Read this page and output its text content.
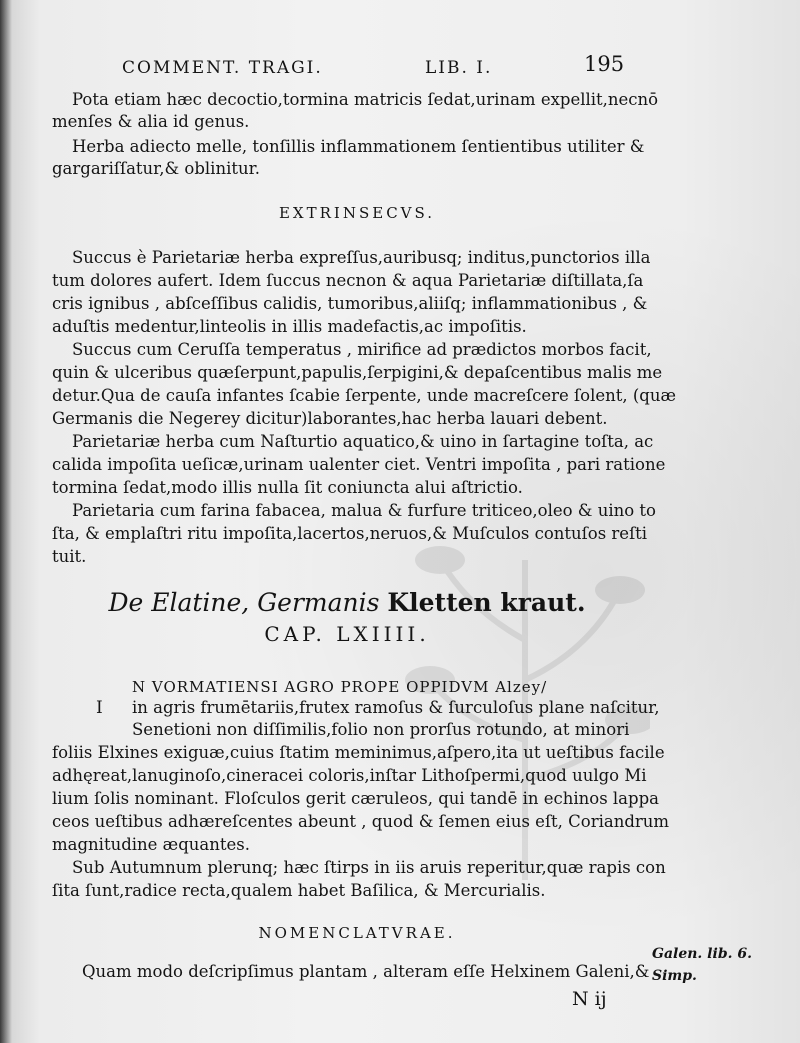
COMMENT. TRAGI.	LIB. I.	195
Pota etiam hæc decoctio,tormina matricis ſedat,urinam expellit,necnō
menſes & alia id genus.
Herba adiecto melle, tonſillis inflammationem ſentientibus utiliter &
gargariſſatur,& oblinitur.
EXTRINSECVS.
Succus è Parietariæ herba expreſſus,auribusq; inditus,punctorios illa
tum dolores aufert. Idem ſuccus necnon & aqua Parietariæ diſtillata,ſa
cris ignibus , abſceſſibus calidis, tumoribus,aliiſq; inflammationibus , &
aduſtis medentur,linteolis in illis madefactis,ac impoſitis.
Succus cum Ceruſſa temperatus , mirifice ad prædictos morbos facit,
quin & ulceribus quæſerpunt,papulis,ſerpigini,& depaſcentibus malis me
detur.Qua de cauſa infantes ſcabie ſerpente, unde macreſcere ſolent, (quæ
Germanis die Negerey dicitur)laborantes,hac herba lauari debent.
Parietariæ herba cum Naſturtio aquatico,& uino in ſartagine toſta, ac
calida impoſita ueſicæ,urinam ualenter ciet. Ventri impoſita , pari ratione
tormina ſedat,modo illis nulla ſit coniuncta alui aſtrictio.
Parietaria cum farina fabacea, malua & furfure triticeo,oleo & uino to
ſta, & emplaſtri ritu impoſita,lacertos,neruos,& Muſculos contuſos reſti
tuit.
De Elatine, Germanis Kletten kraut.
CAP. LXIIII.
I
N VORMATIENSI AGRO PROPE OPPIDVM Alzey/
in agris frumētariis,frutex ramoſus & ſurculoſus plane naſcitur,
Senetioni non diſſimilis,folio non prorſus rotundo, at minori
foliis Elxines exiguæ,cuius ſtatim meminimus,aſpero,ita ut ueſtibus facile
adhęreat,lanuginoſo,cineracei coloris,inſtar Lithoſpermi,quod uulgo Mi
lium ſolis nominant. Floſculos gerit cæruleos, qui tandē in echinos lappa
ceos ueſtibus adhæreſcentes abeunt , quod & ſemen eius eſt, Coriandrum
magnitudine æquantes.
Sub Autumnum plerunq; hæc ſtirps in iis aruis reperitur,quæ rapis con
ſita ſunt,radice recta,qualem habet Baſilica, & Mercurialis.
NOMENCLATVRAE.
Quam modo deſcripſimus plantam , alteram eſſe Helxinem Galeni,&
Galen. lib. 6.
Simp.
N ij
